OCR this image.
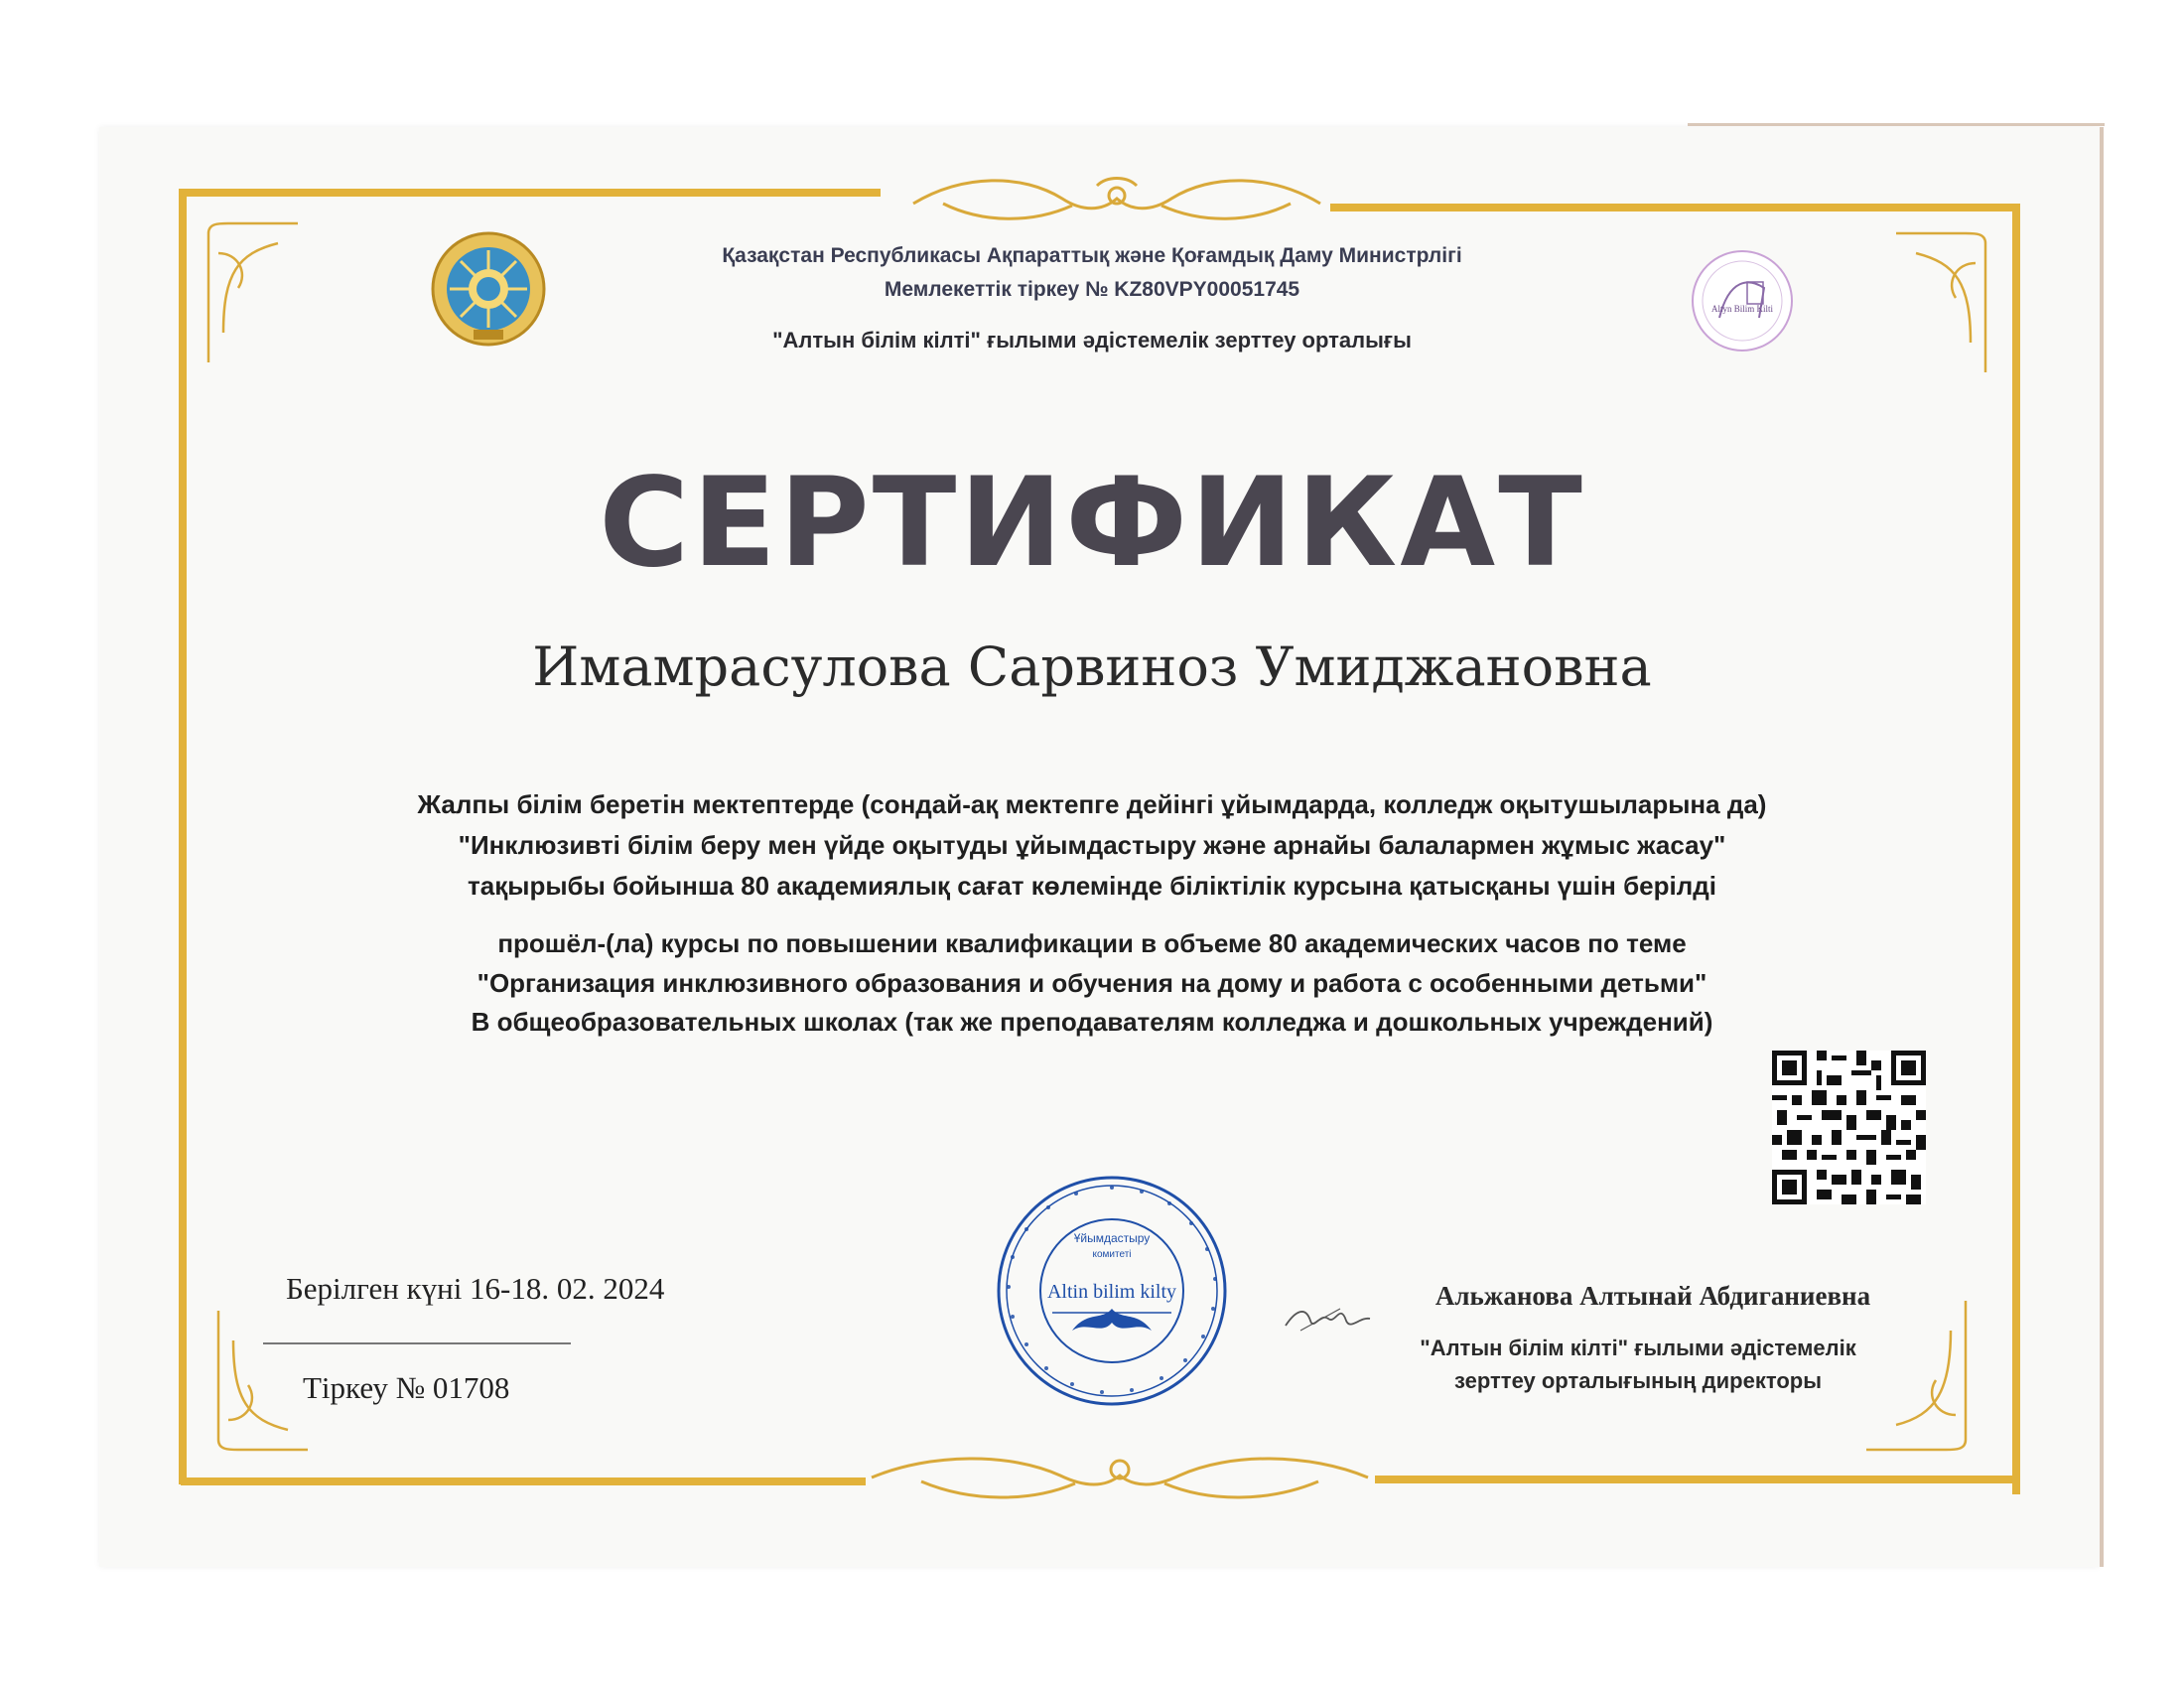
Altyn Bilim Kilti
Қазақстан Республикасы Ақпараттық және Қоғамдық Даму Министрлігі
Мемлекеттік тіркеу № KZ80VPY00051745
"Алтын білім кілті" ғылыми әдістемелік зерттеу орталығы
СЕРТИФИКАТ
Имамрасулова Сарвиноз Умиджановна
Жалпы білім беретін мектептерде (сондай-ақ мектепге дейінгі ұйымдарда, колледж оқытушыларына да)
"Инклюзивті білім беру мен үйде оқытуды ұйымдастыру және арнайы балалармен жұмыс жасау"
тақырыбы бойынша 80 академиялық сағат көлемінде біліктілік курсына қатысқаны үшін берілді
прошёл-(ла) курсы по повышении квалификации в объеме 80 академических часов по теме
"Организация инклюзивного образования и обучения на дому и работа с особенными детьми"
В общеобразовательных школах (так же преподавателям колледжа и дошкольных учреждений)
Ұйымдастыру
комитеті
Altin bilim kilty
Берілген күні 16-18. 02. 2024
Тіркеу № 01708
Альжанова Алтынай Абдиганиевна
"Алтын білім кілті" ғылыми әдістемелік
зерттеу орталығының директоры
